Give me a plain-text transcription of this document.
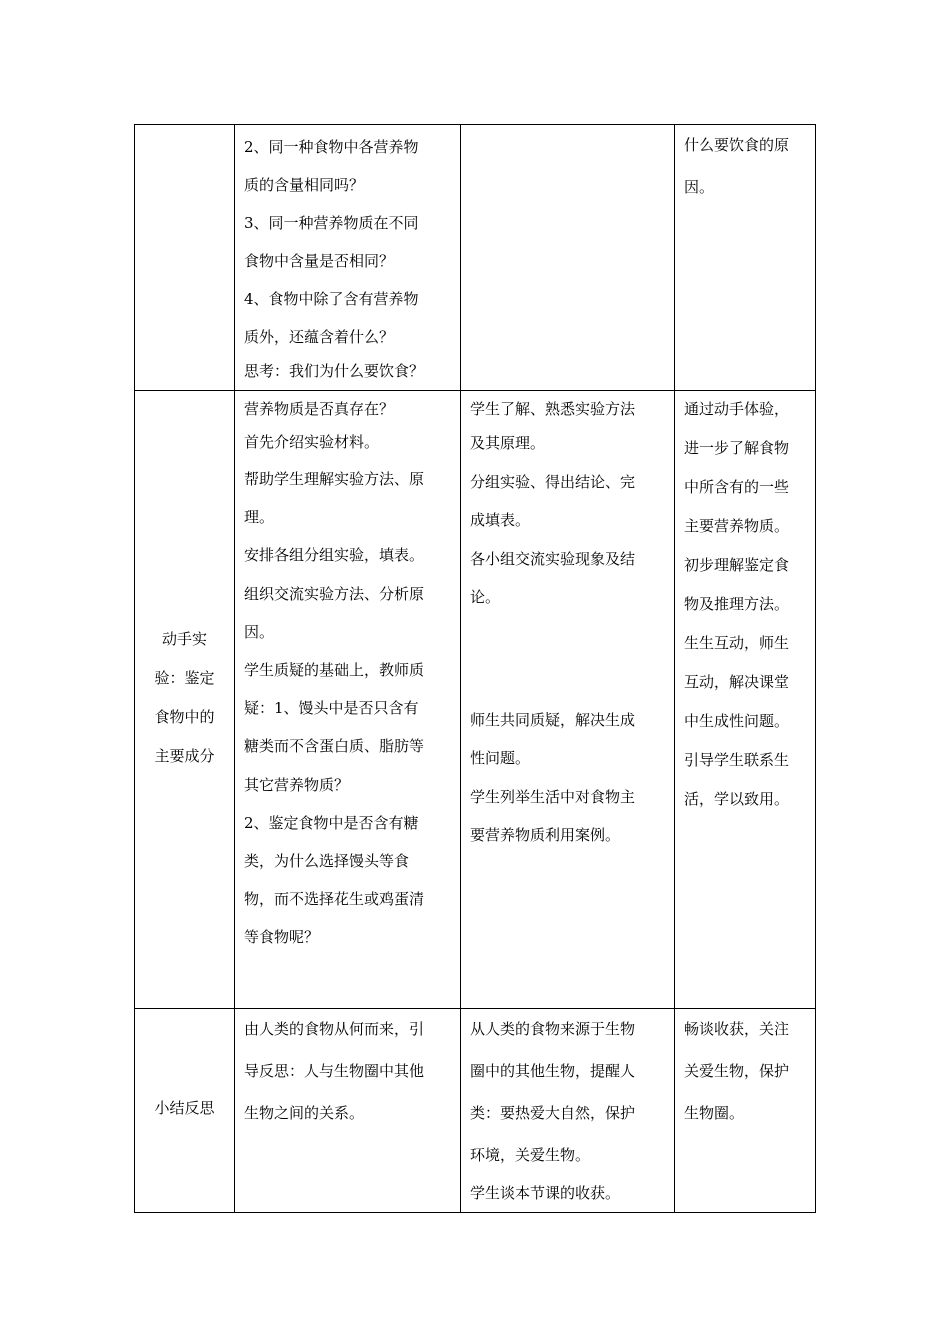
2、同一种食物中各营养物

质的含量相同吗？

3、同一种营养物质在不同

食物中含量是否相同？

4、食物中除了含有营养物

质外，还蕴含着什么？

思考：我们为什么要饮食？

什么要饮食的原

因。

动手实

验：鉴定

食物中的

主要成分

营养物质是否真存在？

首先介绍实验材料。

帮助学生理解实验方法、原

理。

安排各组分组实验，填表。

组织交流实验方法、分析原

因。

学生质疑的基础上，教师质

疑：1、馒头中是否只含有

糖类而不含蛋白质、脂肪等

其它营养物质？

2、鉴定食物中是否含有糖

类，为什么选择馒头等食

物，而不选择花生或鸡蛋清

等食物呢？

学生了解、熟悉实验方法

及其原理。

分组实验、得出结论、完

成填表。

各小组交流实验现象及结

论。

师生共同质疑，解决生成

性问题。

学生列举生活中对食物主

要营养物质利用案例。

通过动手体验，

进一步了解食物

中所含有的一些

主要营养物质。

初步理解鉴定食

物及推理方法。

生生互动，师生

互动，解决课堂

中生成性问题。

引导学生联系生

活，学以致用。

小结反思

由人类的食物从何而来，引

导反思：人与生物圈中其他

生物之间的关系。

从人类的食物来源于生物

圈中的其他生物，提醒人

类：要热爱大自然，保护

环境，关爱生物。

学生谈本节课的收获。

畅谈收获，关注

关爱生物，保护

生物圈。
